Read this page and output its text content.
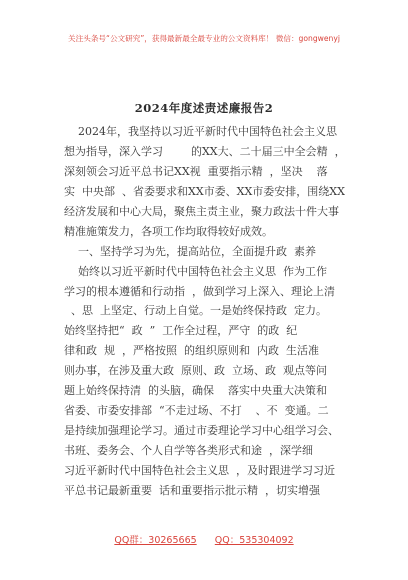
关注头条号“公文研究”，获得最新最全最专业的公文资料库！ 微信：gongwenyj
2024年度述责述廉报告2
2024年，我坚持以习近平新时代中国特色社会主义思
想为指导，深入学习        的XX大、二十届三中全会精  ，
深刻领会习近平总书记XX视  重要指示精  ，坚决    落
实  中央部  、省委要求和XX市委、XX市委安排，围绕XX
经济发展和中心大局，聚焦主责主业，聚力政法十件大事
精准施策发力，各项工作均取得较好成效。
一、坚持学习为先，提高站位，全面提升政  素养
始终以习近平新时代中国特色社会主义思  作为工作
学习的根本遵循和行动指  ，做到学习上深入、理论上清
、思  上坚定、行动上自觉。一是始终保持政  定力。
始终坚持把“  政  ”  工作全过程，严守  的政  纪
律和政  规  ，严格按照  的组织原则和  内政  生活准
则办事，在涉及重大政  原则、政  立场、政  观点等问
题上始终保持清  的头脑，确保    落实中央重大决策和
省委、市委安排部  “不走过场、不打    、不  变通。二
是持续加强理论学习。通过市委理论学习中心组学习会、
书班、委务会、个人自学等各类形式和途  ，深学细
习近平新时代中国特色社会主义思  ，及时跟进学习习近
平总书记最新重要  话和重要指示批示精  ，切实增强
QQ群：30265665 QQ：535304092
